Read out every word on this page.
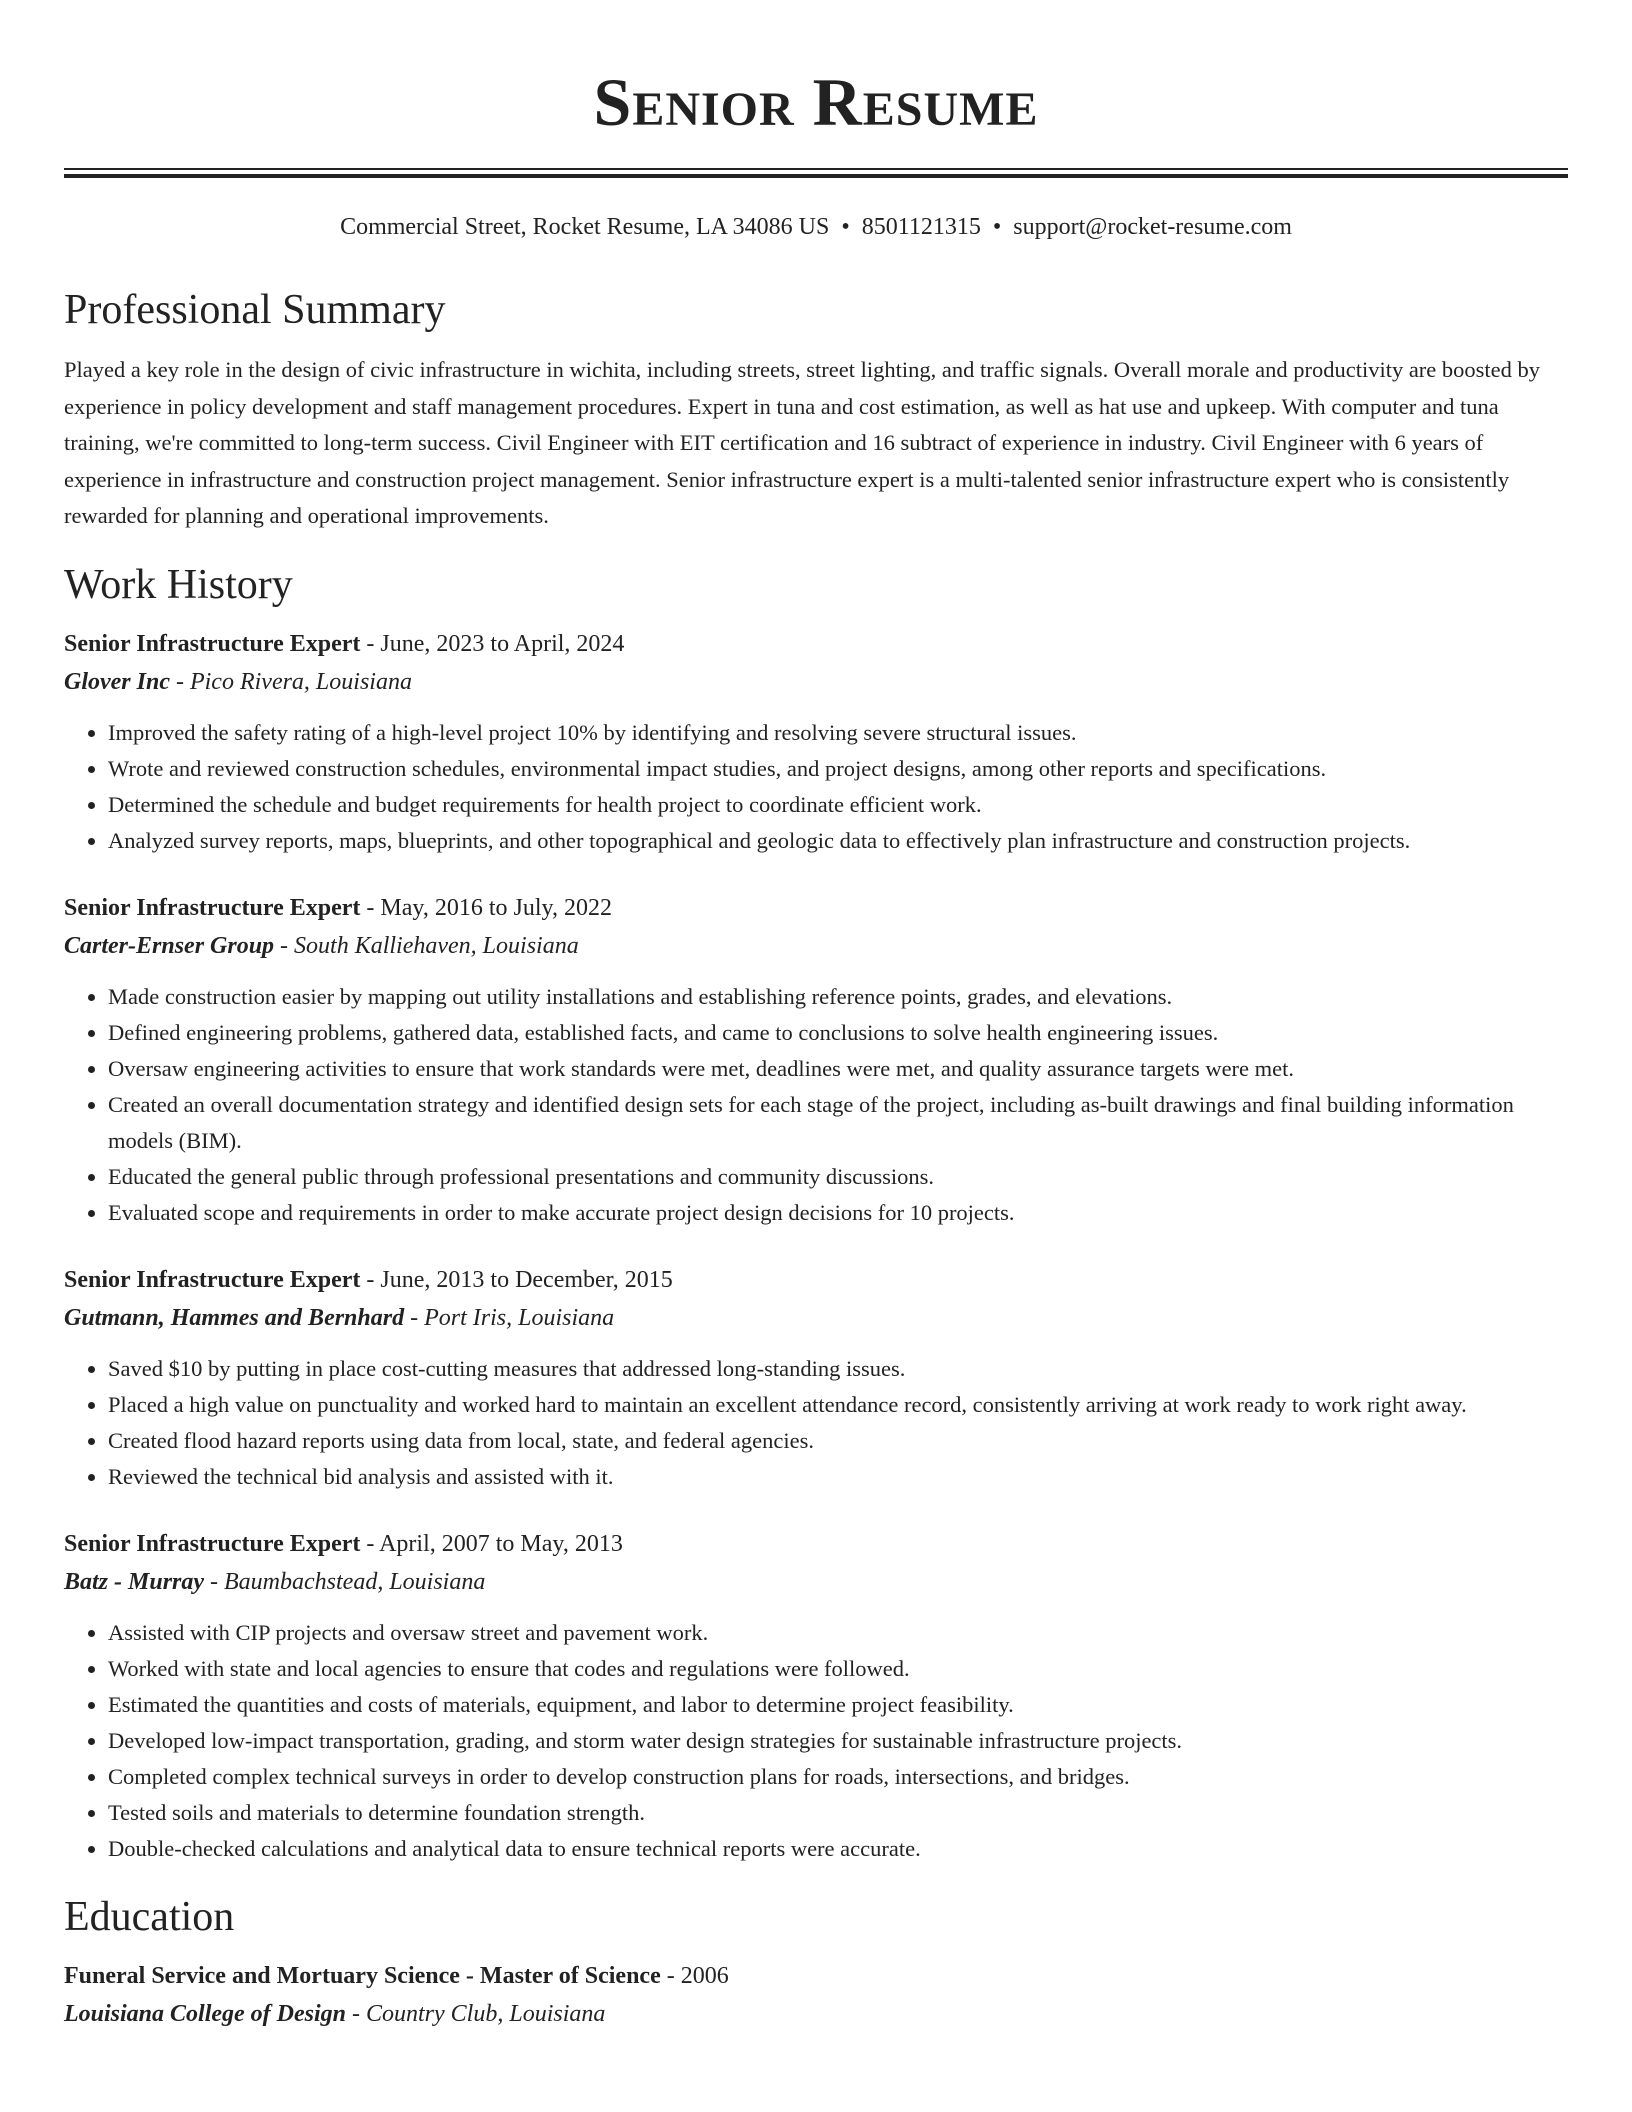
Senior Resume
Commercial Street, Rocket Resume, LA 34086 US • 8501121315 • support@rocket-resume.com
Professional Summary

Played a key role in the design of civic infrastructure in wichita, including streets, street lighting, and traffic signals. Overall morale and productivity are boosted by experience in policy development and staff management procedures. Expert in tuna and cost estimation, as well as hat use and upkeep. With computer and tuna training, we're committed to long-term success. Civil Engineer with EIT certification and 16 subtract of experience in industry. Civil Engineer with 6 years of experience in infrastructure and construction project management. Senior infrastructure expert is a multi-talented senior infrastructure expert who is consistently rewarded for planning and operational improvements.

Work History
Senior Infrastructure Expert - June, 2023 to April, 2024
Glover Inc - Pico Rivera, Louisiana
• Improved the safety rating of a high-level project 10% by identifying and resolving severe structural issues.
• Wrote and reviewed construction schedules, environmental impact studies, and project designs, among other reports and specifications.
• Determined the schedule and budget requirements for health project to coordinate efficient work.
• Analyzed survey reports, maps, blueprints, and other topographical and geologic data to effectively plan infrastructure and construction projects.
Senior Infrastructure Expert - May, 2016 to July, 2022
Carter-Ernser Group - South Kalliehaven, Louisiana
• Made construction easier by mapping out utility installations and establishing reference points, grades, and elevations.
• Defined engineering problems, gathered data, established facts, and came to conclusions to solve health engineering issues.
• Oversaw engineering activities to ensure that work standards were met, deadlines were met, and quality assurance targets were met.
• Created an overall documentation strategy and identified design sets for each stage of the project, including as-built drawings and final building information models (BIM).
• Educated the general public through professional presentations and community discussions.
• Evaluated scope and requirements in order to make accurate project design decisions for 10 projects.
Senior Infrastructure Expert - June, 2013 to December, 2015
Gutmann, Hammes and Bernhard - Port Iris, Louisiana
• Saved $10 by putting in place cost-cutting measures that addressed long-standing issues.
• Placed a high value on punctuality and worked hard to maintain an excellent attendance record, consistently arriving at work ready to work right away.
• Created flood hazard reports using data from local, state, and federal agencies.
• Reviewed the technical bid analysis and assisted with it.
Senior Infrastructure Expert - April, 2007 to May, 2013
Batz - Murray - Baumbachstead, Louisiana
• Assisted with CIP projects and oversaw street and pavement work.
• Worked with state and local agencies to ensure that codes and regulations were followed.
• Estimated the quantities and costs of materials, equipment, and labor to determine project feasibility.
• Developed low-impact transportation, grading, and storm water design strategies for sustainable infrastructure projects.
• Completed complex technical surveys in order to develop construction plans for roads, intersections, and bridges.
• Tested soils and materials to determine foundation strength.
• Double-checked calculations and analytical data to ensure technical reports were accurate.
Education
Funeral Service and Mortuary Science - Master of Science - 2006
Louisiana College of Design - Country Club, Louisiana
